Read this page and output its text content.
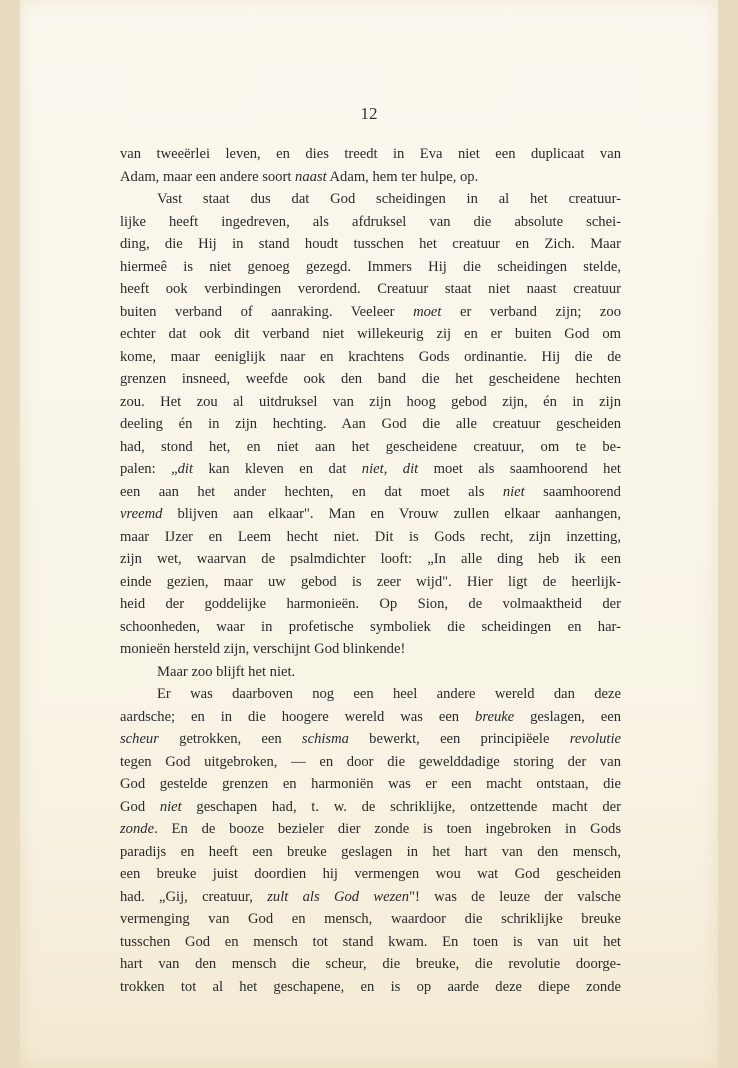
12
van tweeërlei leven, en dies treedt in Eva niet een duplicaat van
Adam, maar een andere soort naast Adam, hem ter hulpe, op.
Vast staat dus dat God scheidingen in al het creatuur-
lijke heeft ingedreven, als afdruksel van die absolute schei-
ding, die Hij in stand houdt tusschen het creatuur en Zich. Maar
hiermeê is niet genoeg gezegd. Immers Hij die scheidingen stelde,
heeft ook verbindingen verordend. Creatuur staat niet naast creatuur
buiten verband of aanraking. Veeleer moet er verband zijn; zoo
echter dat ook dit verband niet willekeurig zij en er buiten God om
kome, maar eeniglijk naar en krachtens Gods ordinantie. Hij die de
grenzen insneed, weefde ook den band die het gescheidene hechten
zou. Het zou al uitdruksel van zijn hoog gebod zijn, én in zijn
deeling én in zijn hechting. Aan God die alle creatuur gescheiden
had, stond het, en niet aan het gescheidene creatuur, om te be-
palen: „dit kan kleven en dat niet, dit moet als saamhoorend het
een aan het ander hechten, en dat moet als niet saamhoorend
vreemd blijven aan elkaar". Man en Vrouw zullen elkaar aanhangen,
maar IJzer en Leem hecht niet. Dit is Gods recht, zijn inzetting,
zijn wet, waarvan de psalmdichter looft: „In alle ding heb ik een
einde gezien, maar uw gebod is zeer wijd". Hier ligt de heerlijk-
heid der goddelijke harmonieën. Op Sion, de volmaaktheid der
schoonheden, waar in profetische symboliek die scheidingen en har-
monieën hersteld zijn, verschijnt God blinkende!
Maar zoo blijft het niet.
Er was daarboven nog een heel andere wereld dan deze
aardsche; en in die hoogere wereld was een breuke geslagen, een
scheur getrokken, een schisma bewerkt, een principiëele revolutie
tegen God uitgebroken, — en door die gewelddadige storing der van
God gestelde grenzen en harmoniën was er een macht ontstaan, die
God niet geschapen had, t. w. de schriklijke, ontzettende macht der
zonde. En de booze bezieler dier zonde is toen ingebroken in Gods
paradijs en heeft een breuke geslagen in het hart van den mensch,
een breuke juist doordien hij vermengen wou wat God gescheiden
had. „Gij, creatuur, zult als God wezen"! was de leuze der valsche
vermenging van God en mensch, waardoor die schriklijke breuke
tusschen God en mensch tot stand kwam. En toen is van uit het
hart van den mensch die scheur, die breuke, die revolutie doorge-
trokken tot al het geschapene, en is op aarde deze diepe zonde
